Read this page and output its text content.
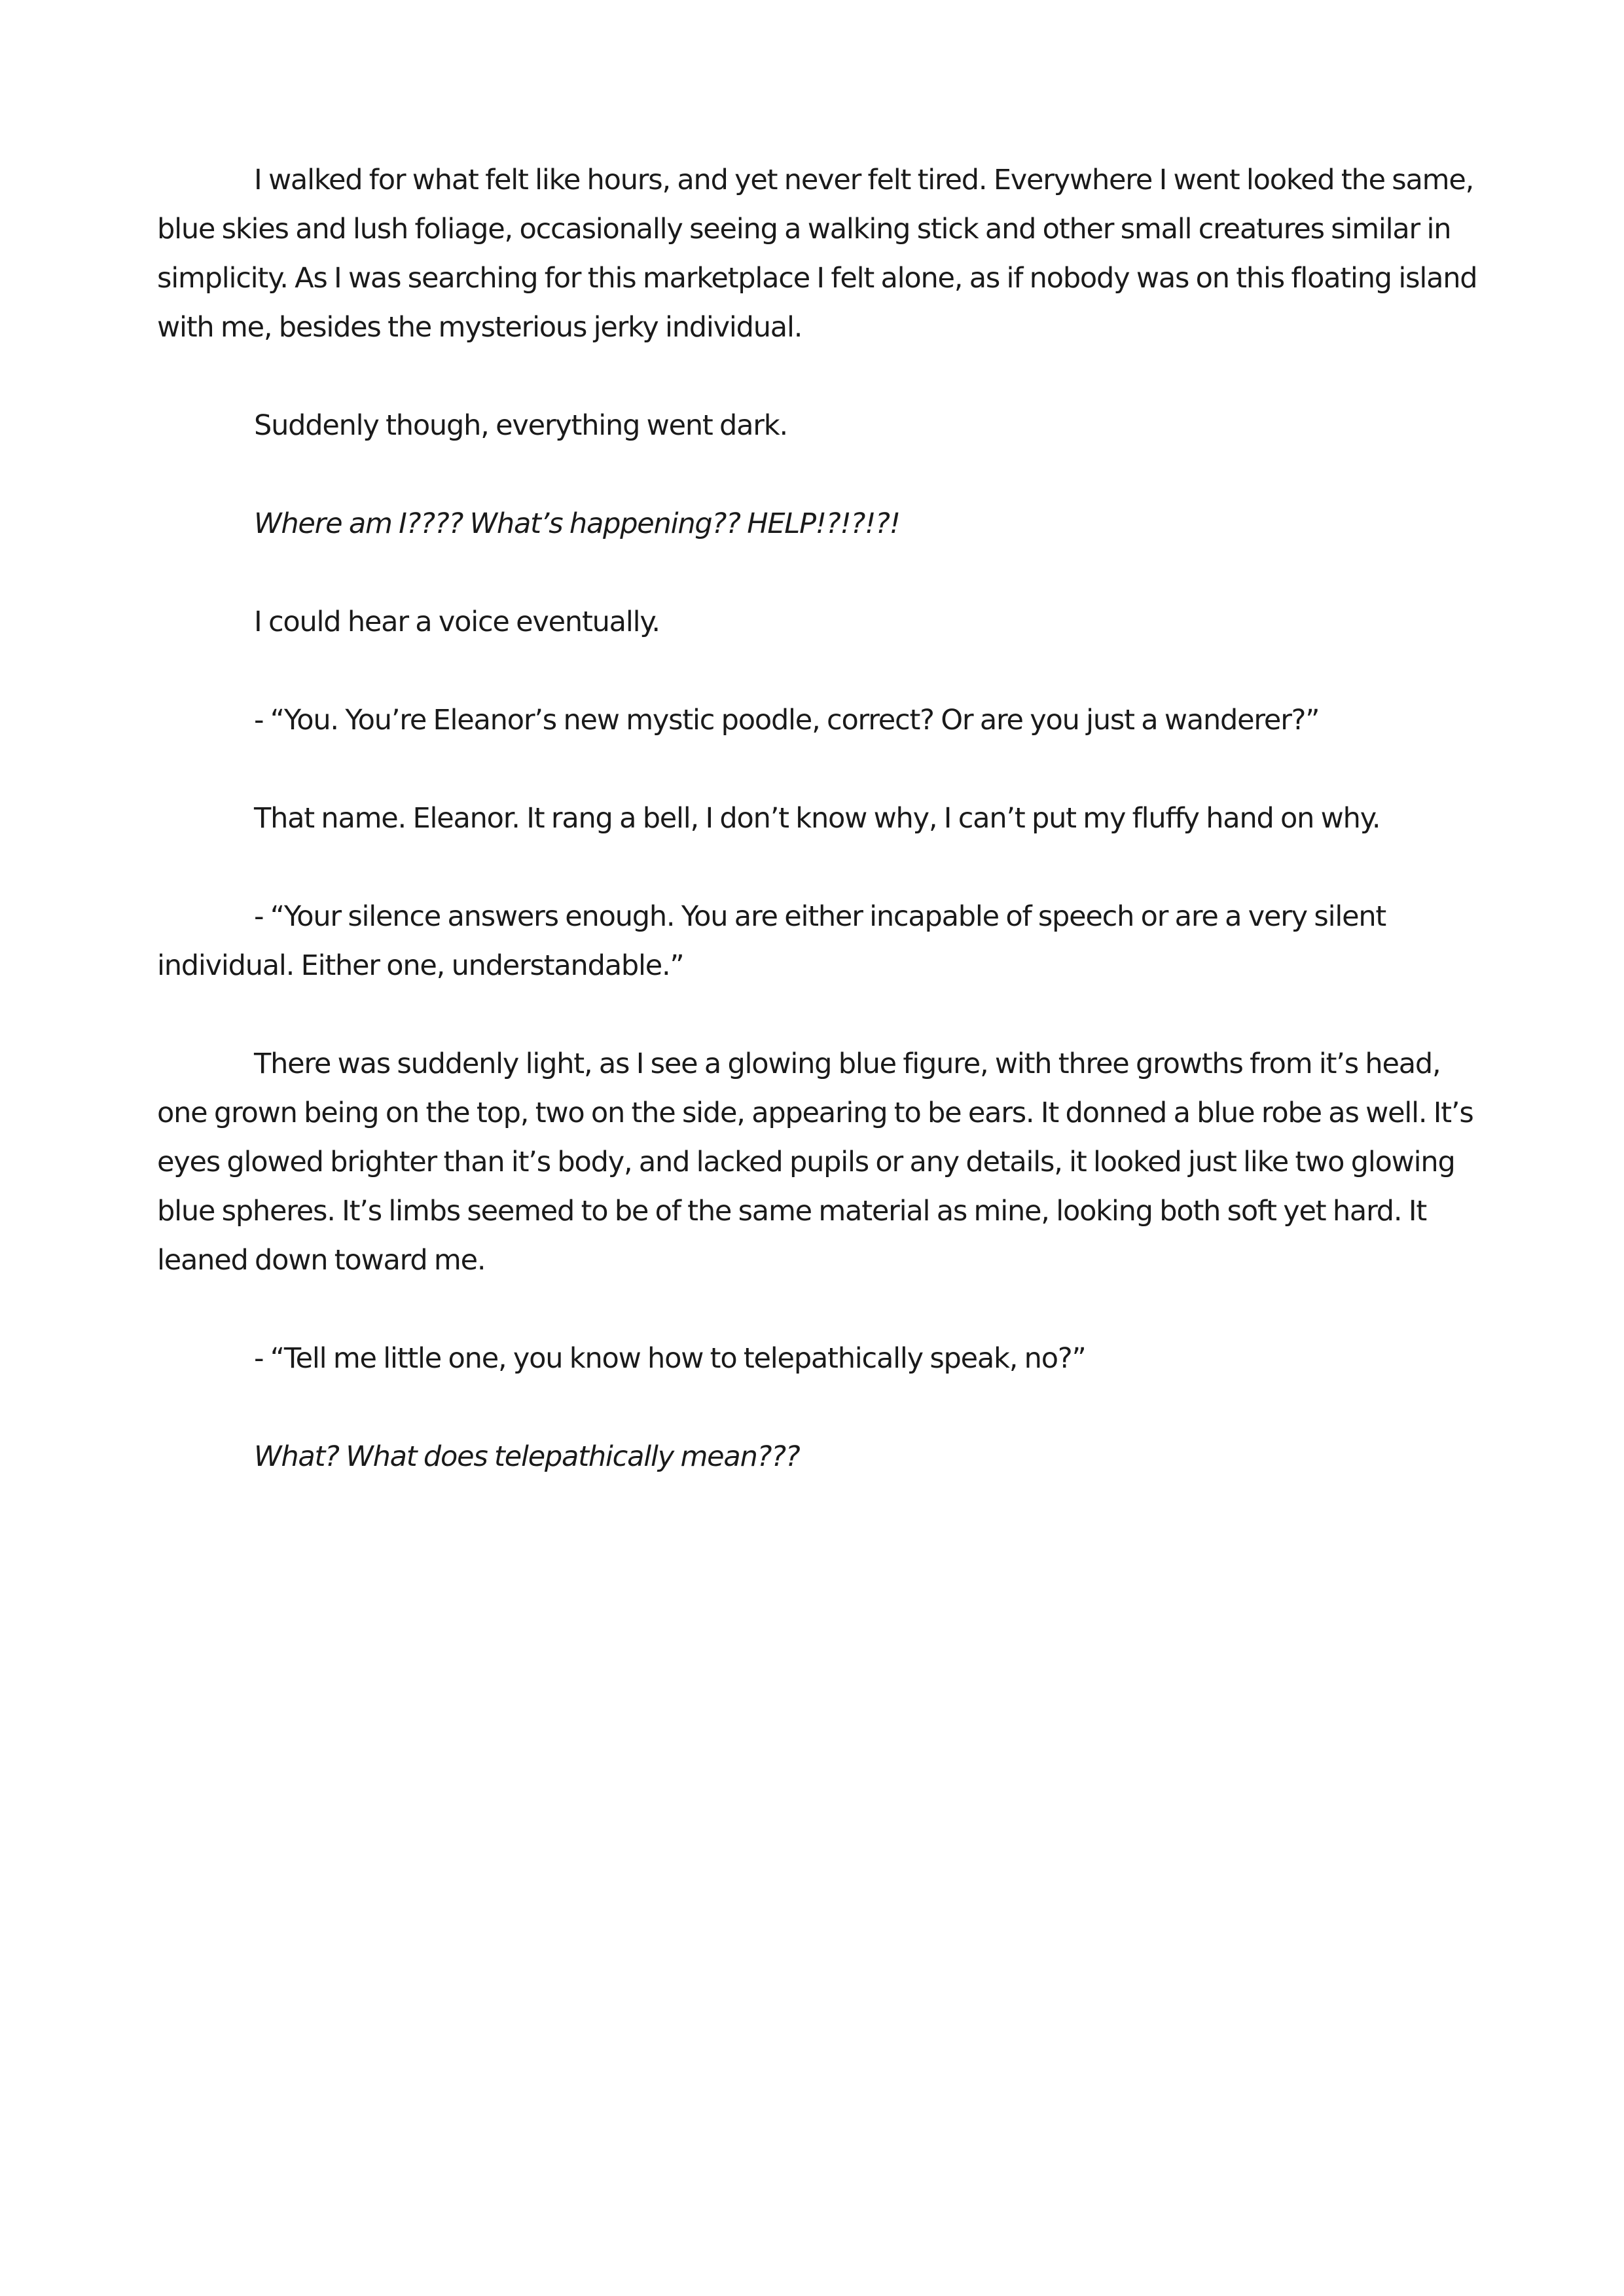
I walked for what felt like hours, and yet never felt tired. Everywhere I went looked the same, blue skies and lush foliage, occasionally seeing a walking stick and other small creatures similar in simplicity. As I was searching for this marketplace I felt alone, as if nobody was on this floating island with me, besides the mysterious jerky individual.

Suddenly though, everything went dark.

Where am I???? What’s happening?? HELP!?!?!?!

I could hear a voice eventually.

- “You. You’re Eleanor’s new mystic poodle, correct? Or are you just a wanderer?”

That name. Eleanor. It rang a bell, I don’t know why, I can’t put my fluffy hand on why.

- “Your silence answers enough. You are either incapable of speech or are a very silent individual. Either one, understandable.”

There was suddenly light, as I see a glowing blue figure, with three growths from it’s head, one grown being on the top, two on the side, appearing to be ears. It donned a blue robe as well. It’s eyes glowed brighter than it’s body, and lacked pupils or any details, it looked just like two glowing blue spheres. It’s limbs seemed to be of the same material as mine, looking both soft yet hard. It leaned down toward me.

- “Tell me little one, you know how to telepathically speak, no?”

What? What does telepathically mean???
